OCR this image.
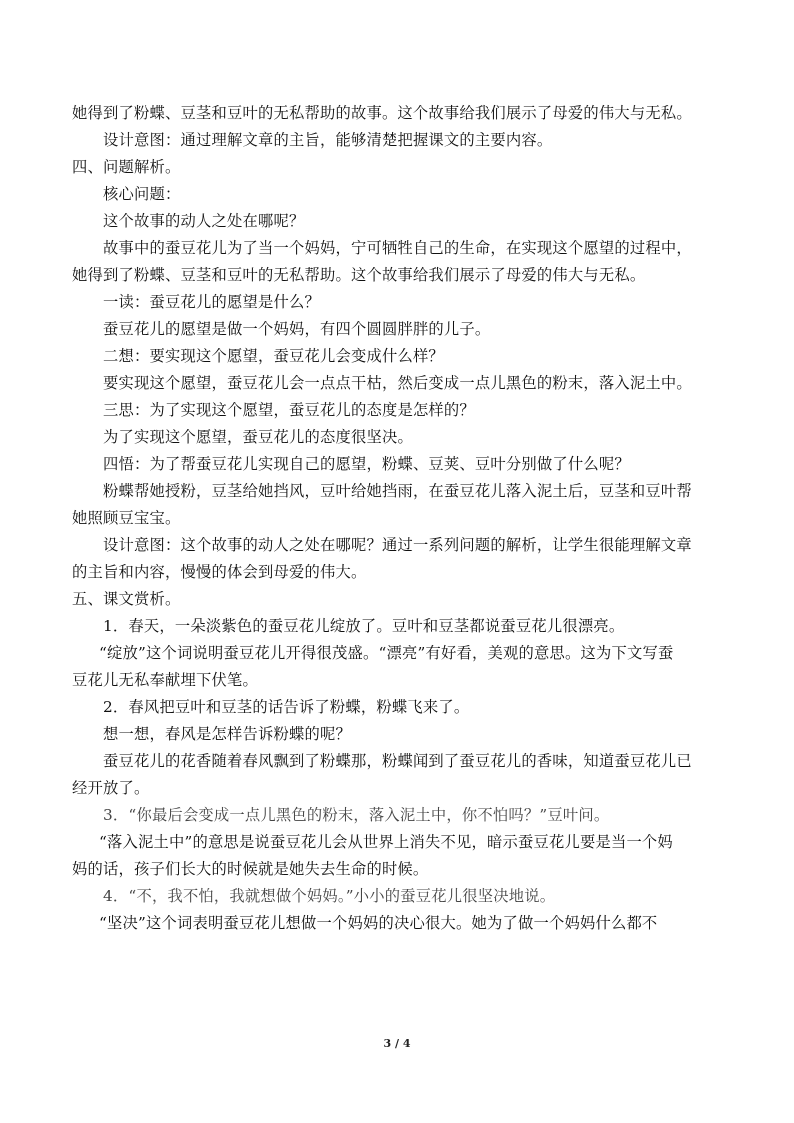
她得到了粉蝶、豆茎和豆叶的无私帮助的故事。这个故事给我们展示了母爱的伟大与无私。
设计意图：通过理解文章的主旨，能够清楚把握课文的主要内容。
四、问题解析。
核心问题：
这个故事的动人之处在哪呢？
故事中的蚕豆花儿为了当一个妈妈，宁可牺牲自己的生命，在实现这个愿望的过程中，
她得到了粉蝶、豆茎和豆叶的无私帮助。这个故事给我们展示了母爱的伟大与无私。
一读：蚕豆花儿的愿望是什么？
蚕豆花儿的愿望是做一个妈妈，有四个圆圆胖胖的儿子。
二想：要实现这个愿望，蚕豆花儿会变成什么样？
要实现这个愿望，蚕豆花儿会一点点干枯，然后变成一点儿黑色的粉末，落入泥土中。
三思：为了实现这个愿望，蚕豆花儿的态度是怎样的？
为了实现这个愿望，蚕豆花儿的态度很坚决。
四悟：为了帮蚕豆花儿实现自己的愿望，粉蝶、豆荚、豆叶分别做了什么呢？
粉蝶帮她授粉，豆茎给她挡风，豆叶给她挡雨，在蚕豆花儿落入泥土后，豆茎和豆叶帮
她照顾豆宝宝。
设计意图：这个故事的动人之处在哪呢？通过一系列问题的解析，让学生很能理解文章
的主旨和内容，慢慢的体会到母爱的伟大。
五、课文赏析。
1．春天，一朵淡紫色的蚕豆花儿绽放了。豆叶和豆茎都说蚕豆花儿很漂亮。
“绽放”这个词说明蚕豆花儿开得很茂盛。“漂亮”有好看，美观的意思。这为下文写蚕
豆花儿无私奉献埋下伏笔。
2．春风把豆叶和豆茎的话告诉了粉蝶，粉蝶飞来了。
想一想，春风是怎样告诉粉蝶的呢？
蚕豆花儿的花香随着春风飘到了粉蝶那，粉蝶闻到了蚕豆花儿的香味，知道蚕豆花儿已
经开放了。
3．“你最后会变成一点儿黑色的粉末，落入泥土中，你不怕吗？”豆叶问。
“落入泥土中”的意思是说蚕豆花儿会从世界上消失不见，暗示蚕豆花儿要是当一个妈
妈的话，孩子们长大的时候就是她失去生命的时候。
4．“不，我不怕，我就想做个妈妈。”小小的蚕豆花儿很坚决地说。
“坚决”这个词表明蚕豆花儿想做一个妈妈的决心很大。她为了做一个妈妈什么都不
3 / 4
